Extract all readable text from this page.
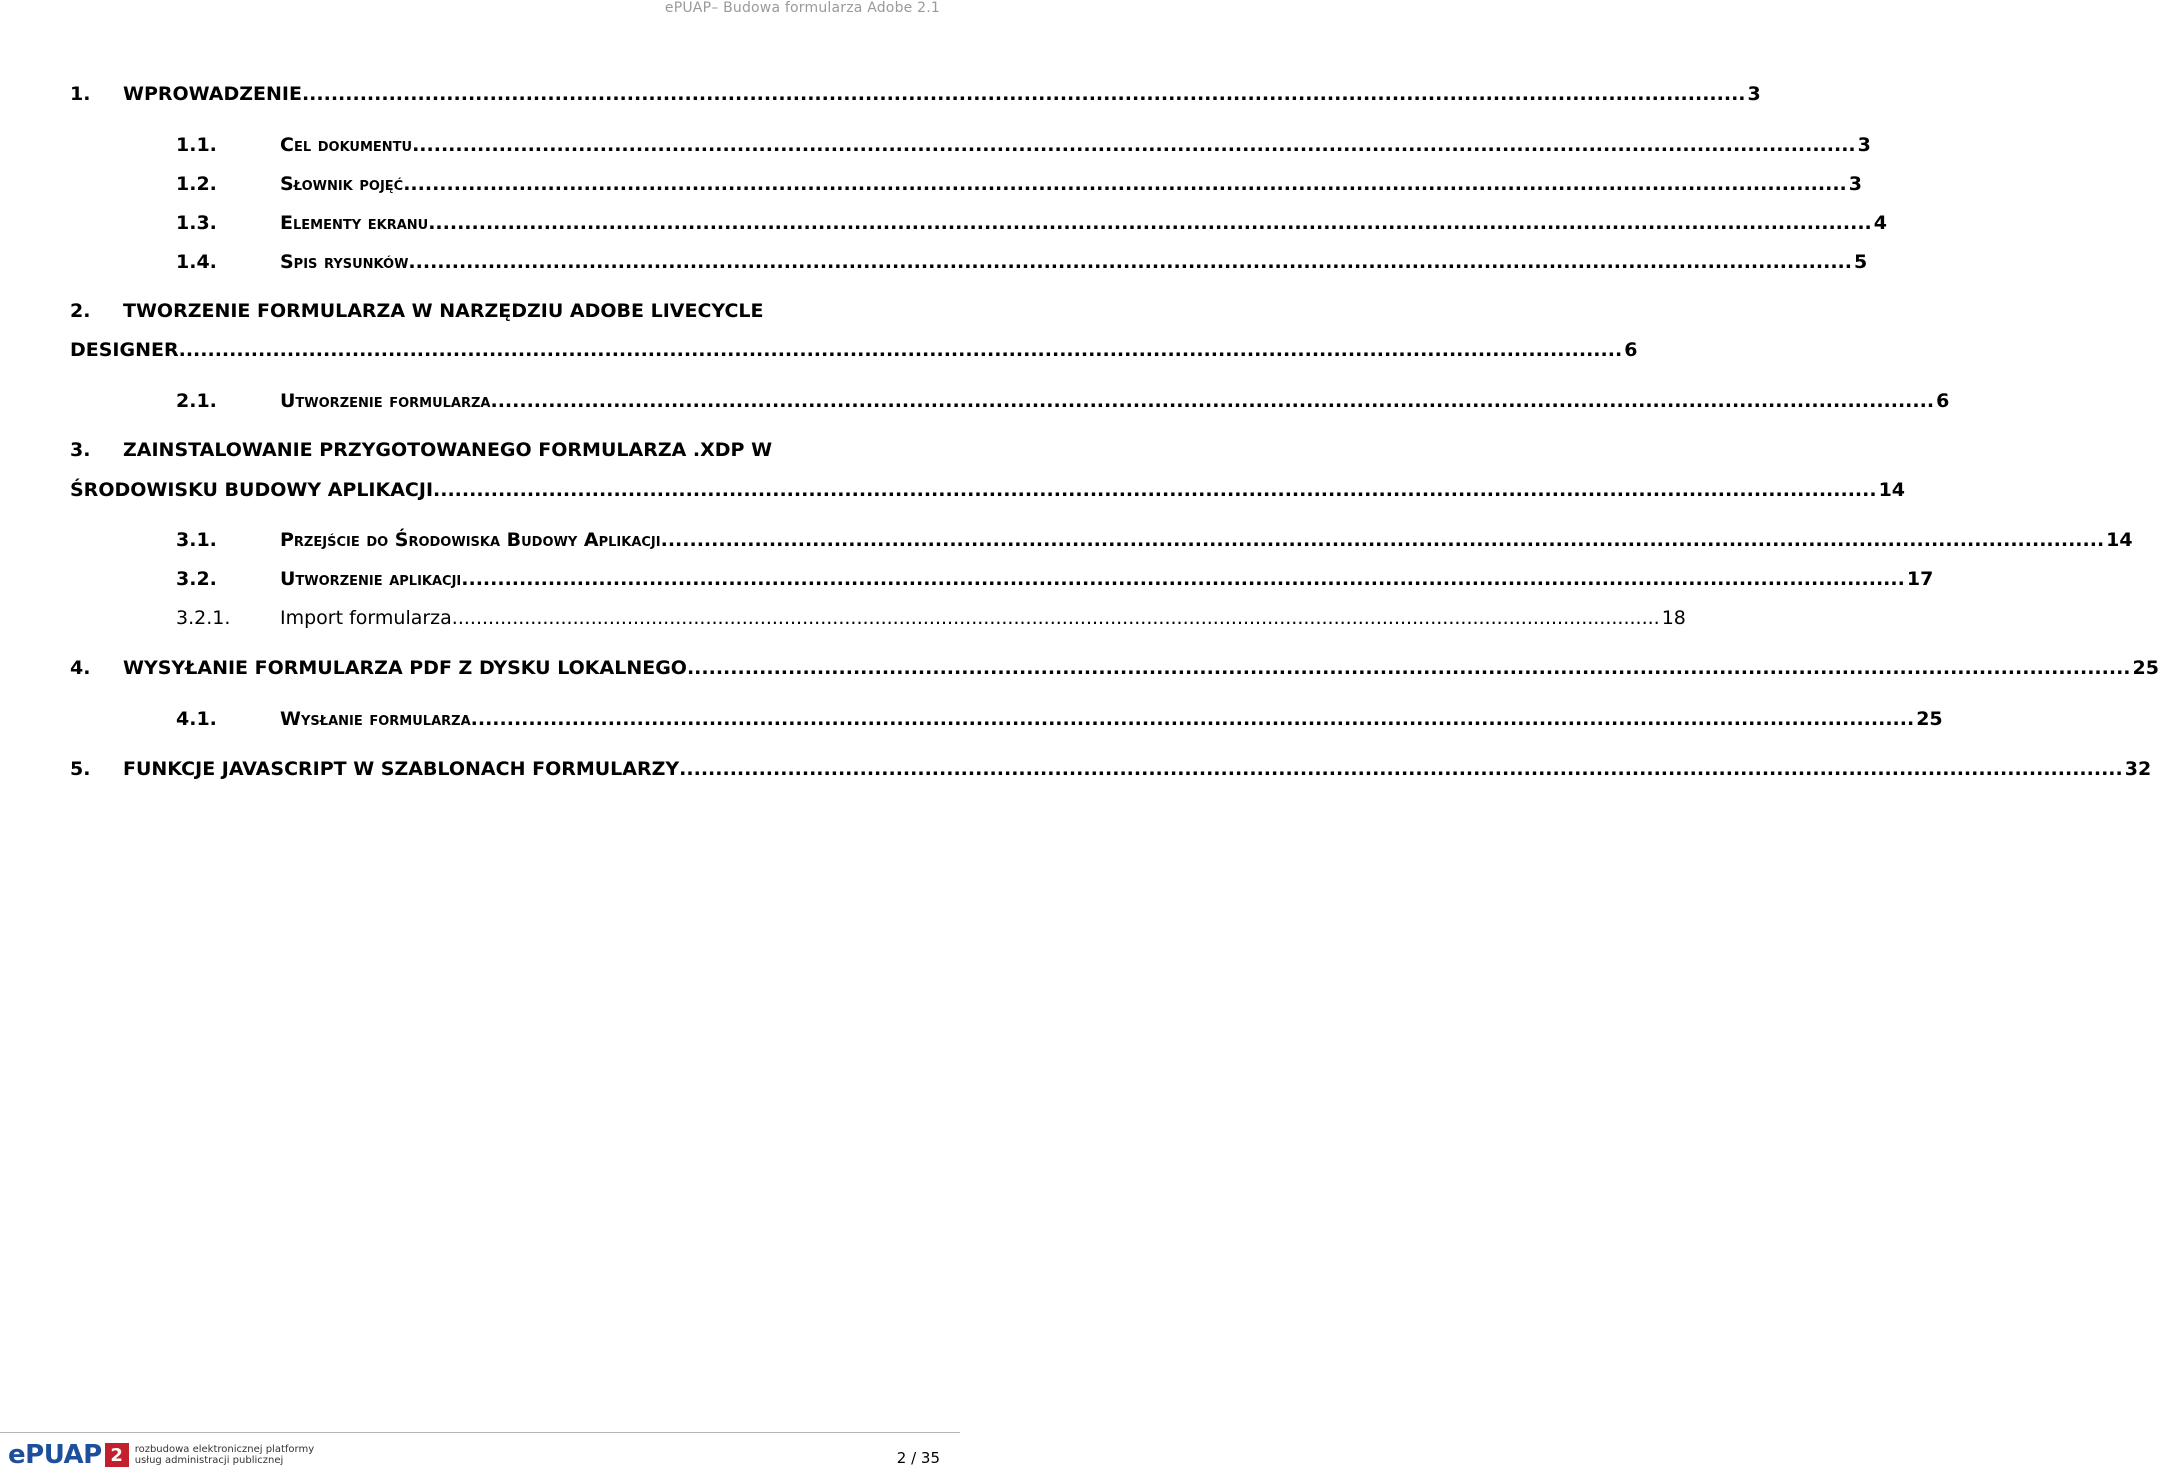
ePUAP– Budowa formularza Adobe 2.1
1. WPROWADZENIE ........................................................................................................................................................................................................ 3
1.1.	Cel dokumentu ........................................................................................................................................................................................................ 3
1.2.	Słownik pojęć ........................................................................................................................................................................................................ 3
1.3.	Elementy ekranu ........................................................................................................................................................................................................ 4
1.4.	Spis rysunków ........................................................................................................................................................................................................ 5
2. TWORZENIE FORMULARZA W NARZĘDZIU ADOBE LIVECYCLE
DESIGNER ........................................................................................................................................................................................................ 6
2.1.	Utworzenie formularza ........................................................................................................................................................................................................ 6
3. ZAINSTALOWANIE PRZYGOTOWANEGO FORMULARZA .XDP W
ŚRODOWISKU BUDOWY APLIKACJI ........................................................................................................................................................................................................ 14
3.1.	Przejście do Środowiska Budowy Aplikacji ........................................................................................................................................................................................................ 14
3.2.	Utworzenie aplikacji ........................................................................................................................................................................................................ 17
3.2.1.	Import formularza ........................................................................................................................................................................................................ 18
4. WYSYŁANIE FORMULARZA PDF Z DYSKU LOKALNEGO ........................................................................................................................................................................................................ 25
4.1.	Wysłanie formularza ........................................................................................................................................................................................................ 25
5. FUNKCJE JAVASCRIPT W SZABLONACH FORMULARZY ........................................................................................................................................................................................................ 32
ePUAP 2	rozbudowa elektronicznej platformy
usług administracji publicznej	2 / 35
